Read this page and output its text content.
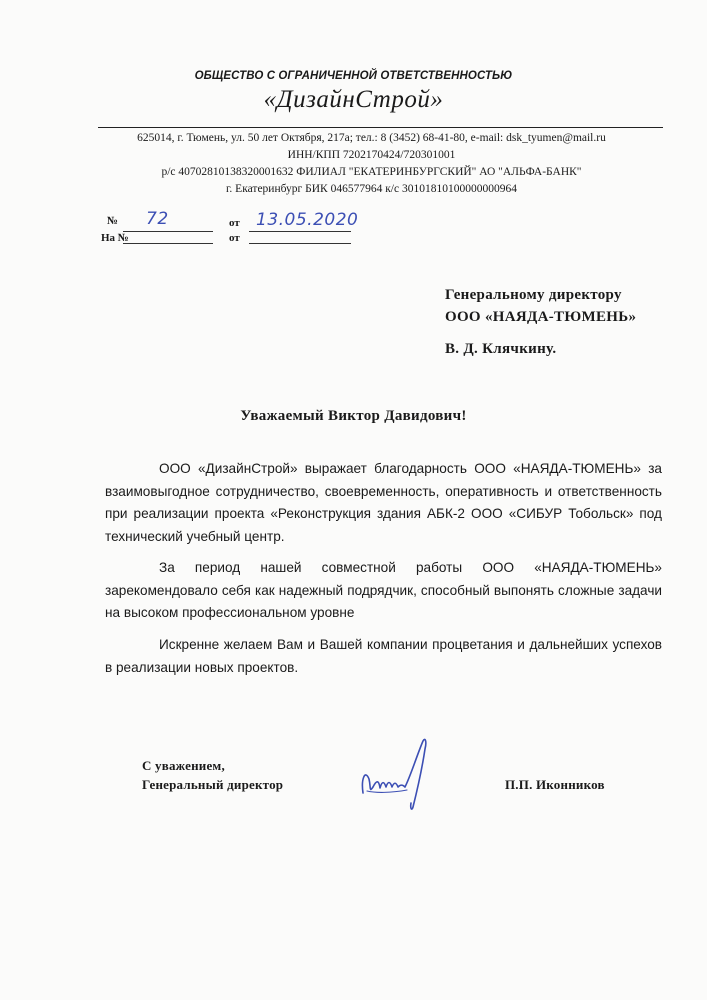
ОБЩЕСТВО С ОГРАНИЧЕННОЙ ОТВЕТСТВЕННОСТЬЮ
«ДизайнСтрой»
625014, г. Тюмень, ул. 50 лет Октября, 217а; тел.: 8 (3452) 68-41-80, e-mail: dsk_tyumen@mail.ru
ИНН/КПП 7202170424/720301001
р/с 40702810138320001632 ФИЛИАЛ "ЕКАТЕРИНБУРГСКИЙ" АО "АЛЬФА-БАНК"
г. Екатеринбург БИК 046577964 к/с 30101810100000000964
№ 72	от 13.05.2020
На №	от
Генеральному директору
ООО «НАЯДА-ТЮМЕНЬ»
В. Д. Клячкину.
Уважаемый Виктор Давидович!

ООО «ДизайнСтрой» выражает благодарность ООО «НАЯДА-ТЮМЕНЬ» за взаимовыгодное сотрудничество, своевременность, оперативность и ответственность при реализации проекта «Реконструкция здания АБК-2 ООО «СИБУР Тобольск» под технический учебный центр.

За период нашей совместной работы ООО «НАЯДА-ТЮМЕНЬ» зарекомендовало себя как надежный подрядчик, способный выпонять сложные задачи на высоком профессиональном уровне

Искренне желаем Вам и Вашей компании процветания и дальнейших успехов в реализации новых проектов.

С уважением,
Генеральный директор	П.П. Иконников
